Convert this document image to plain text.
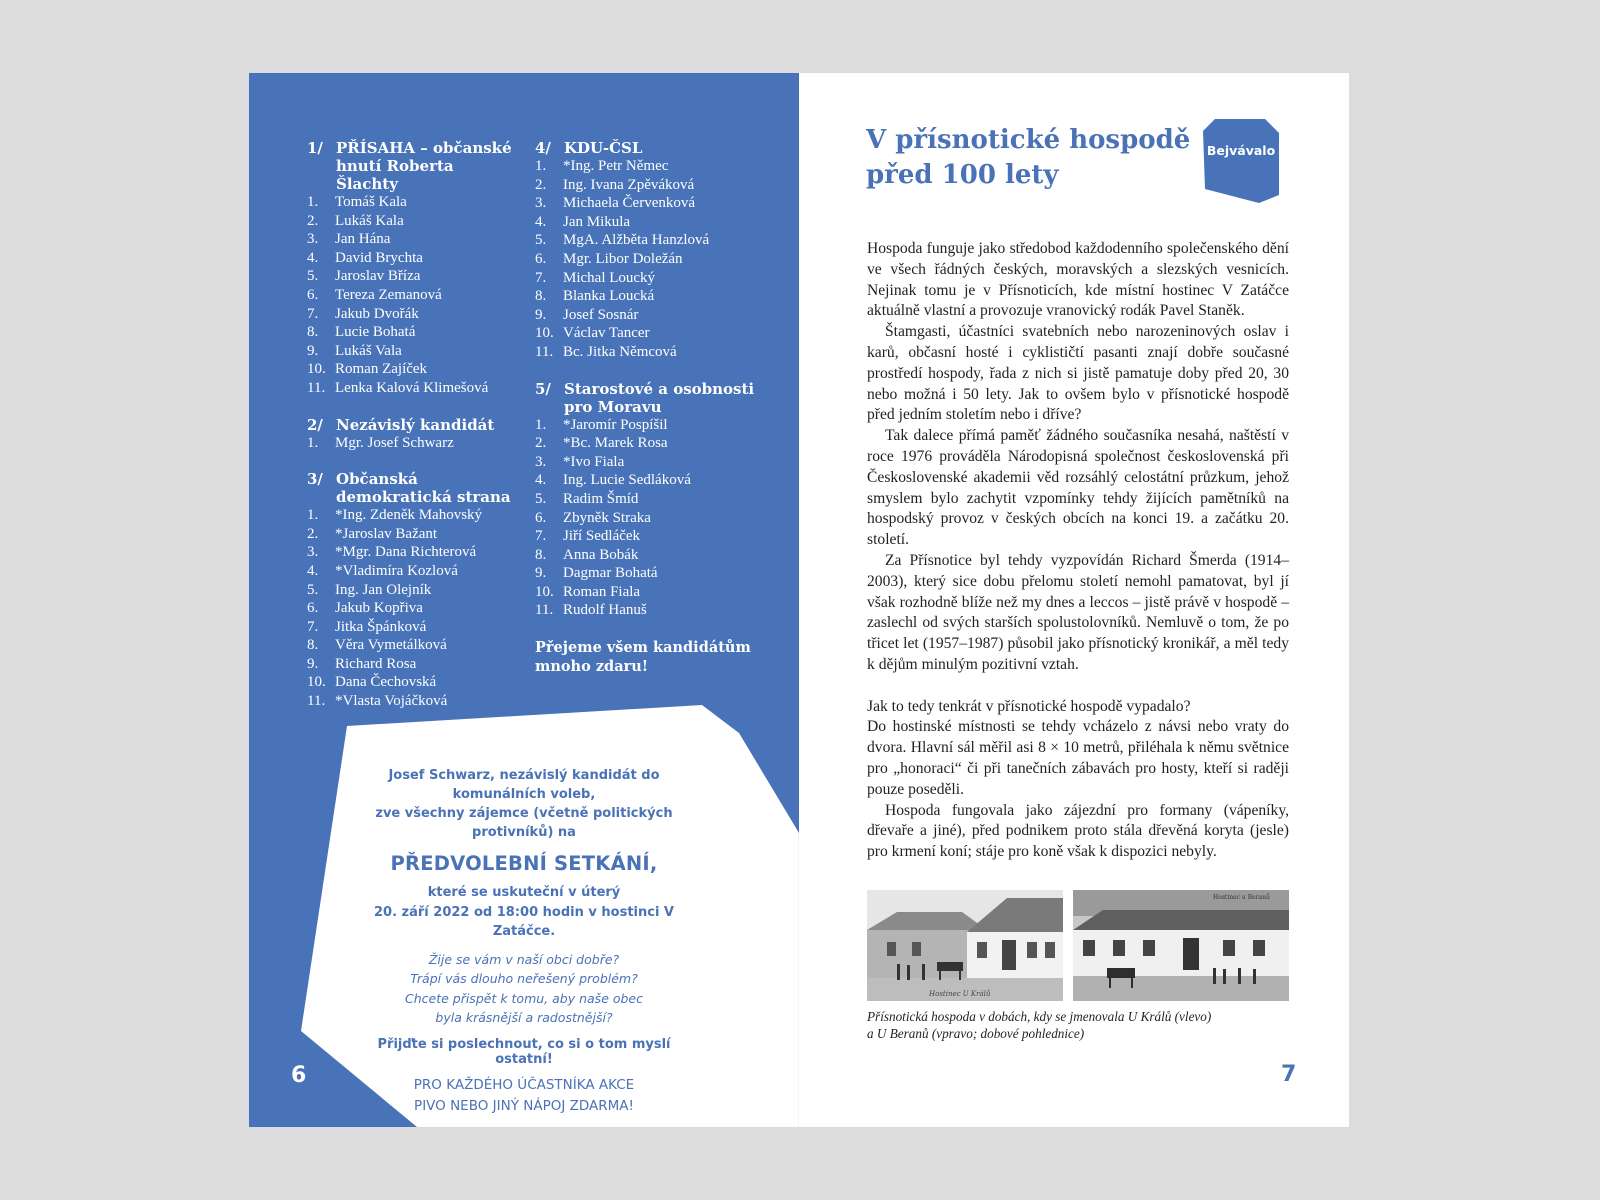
1/ PŘÍSAHA – občanské hnutí Roberta Šlachty
1.	Tomáš Kala
2.	Lukáš Kala
3.	Jan Hána
4.	David Brychta
5.	Jaroslav Bříza
6.	Tereza Zemanová
7.	Jakub Dvořák
8.	Lucie Bohatá
9.	Lukáš Vala
10. Roman Zajíček
11. Lenka Kalová Klimešová
2/ Nezávislý kandidát
1.	Mgr. Josef Schwarz
3/ Občanská demokratická strana
1.	*Ing. Zdeněk Mahovský
2.	*Jaroslav Bažant
3.	*Mgr. Dana Richterová
4.	*Vladimíra Kozlová
5.	Ing. Jan Olejník
6.	Jakub Kopřiva
7.	Jitka Špánková
8.	Věra Vymetálková
9.	Richard Rosa
10. Dana Čechovská
11. *Vlasta Vojáčková
4/ KDU-ČSL
1.	*Ing. Petr Němec
2.	Ing. Ivana Zpěváková
3.	Michaela Červenková
4.	Jan Mikula
5.	MgA. Alžběta Hanzlová
6.	Mgr. Libor Doležán
7.	Michal Loucký
8.	Blanka Loucká
9.	Josef Sosnár
10. Václav Tancer
11. Bc. Jitka Němcová
5/ Starostové a osobnosti pro Moravu
1.	*Jaromír Pospíšil
2.	*Bc. Marek Rosa
3.	*Ivo Fiala
4.	Ing. Lucie Sedláková
5.	Radim Šmíd
6.	Zbyněk Straka
7.	Jiří Sedláček
8.	Anna Bobák
9.	Dagmar Bohatá
10. Roman Fiala
11. Rudolf Hanuš
Přejeme všem kandidátům mnoho zdaru!
Josef Schwarz, nezávislý kandidát do komunálních voleb,
zve všechny zájemce (včetně politických protivníků) na
PŘEDVOLEBNÍ SETKÁNÍ,
které se uskuteční v úterý
20. září 2022 od 18:00 hodin v hostinci V Zatáčce.
Žije se vám v naší obci dobře?
Trápí vás dlouho neřešený problém?
Chcete přispět k tomu, aby naše obec
byla krásnější a radostnější?
Přijďte si poslechnout, co si o tom myslí ostatní!
PRO KAŽDÉHO ÚČASTNÍKA AKCE
PIVO NEBO JINÝ NÁPOJ ZDARMA!
6
V přísnotické hospodě
před 100 lety
Bejvávalo

Hospoda funguje jako středobod každodenního společenského dění ve všech řádných českých, moravských a slezských vesnicích. Nejinak tomu je v Přísnoticích, kde místní hostinec V Zatáčce aktuálně vlastní a provozuje vranovický rodák Pavel Staněk.

Štamgasti, účastníci svatebních nebo narozeninových oslav i karů, občasní hosté i cyklističtí pasanti znají dobře současné prostředí hospody, řada z nich si jistě pamatuje doby před 20, 30 nebo možná i 50 lety. Jak to ovšem bylo v přísnotické hospodě před jedním stoletím nebo i dříve?

Tak dalece přímá paměť žádného současníka nesahá, naštěstí v roce 1976 prováděla Národopisná společnost československá při Československé akademii věd rozsáhlý celostátní průzkum, jehož smyslem bylo zachytit vzpomínky tehdy žijících pamětníků na hospodský provoz v českých obcích na konci 19. a začátku 20. století.

Za Přísnotice byl tehdy vyzpovídán Richard Šmerda (1914–2003), který sice dobu přelomu století nemohl pamatovat, byl jí však rozhodně blíže než my dnes a leccos – jistě právě v hospodě – zaslechl od svých starších spolustolovníků. Nemluvě o tom, že po třicet let (1957–1987) působil jako přísnotický kronikář, a měl tedy k dějům minulým pozitivní vztah.

Jak to tedy tenkrát v přísnotické hospodě vypadalo?

Do hostinské místnosti se tehdy vcházelo z návsi nebo vraty do dvora. Hlavní sál měřil asi 8 × 10 metrů, přiléhala k němu světnice pro „honoraci“ či při tanečních zábavách pro hosty, kteří si raději pouze poseděli.

Hospoda fungovala jako zájezdní pro formany (vápeníky, dřevaře a jiné), před podnikem proto stála dřevěná koryta (jesle) pro krmení koní; stáje pro koně však k dispozici nebyly.

Hostinec U Králů
Hostinec u Beranů
Přísnotická hospoda v dobách, kdy se jmenovala U Králů (vlevo)
a U Beranů (vpravo; dobové pohlednice)
7
